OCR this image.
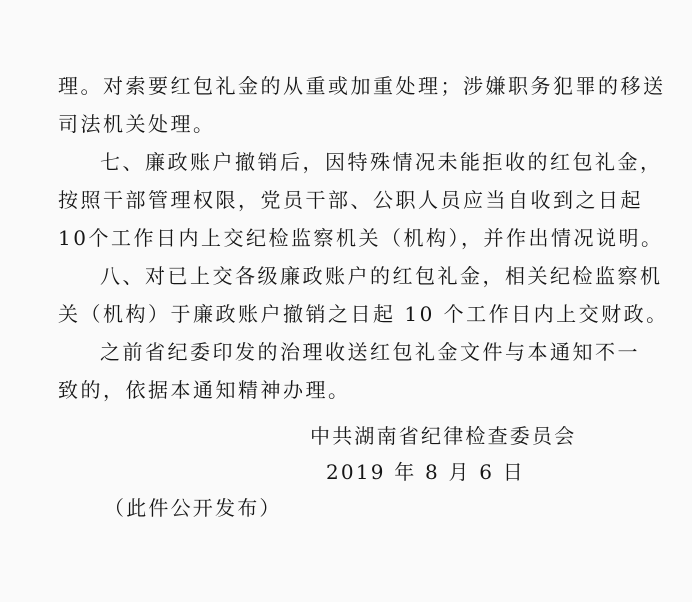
理。对索要红包礼金的从重或加重处理；涉嫌职务犯罪的移送
司法机关处理。
七、廉政账户撤销后，因特殊情况未能拒收的红包礼金，
按照干部管理权限，党员干部、公职人员应当自收到之日起
10个工作日内上交纪检监察机关（机构），并作出情况说明。
八、对已上交各级廉政账户的红包礼金，相关纪检监察机
关（机构）于廉政账户撤销之日起 10 个工作日内上交财政。
之前省纪委印发的治理收送红包礼金文件与本通知不一
致的，依据本通知精神办理。
中共湖南省纪律检查委员会
2019 年 8 月 6 日
（此件公开发布）
